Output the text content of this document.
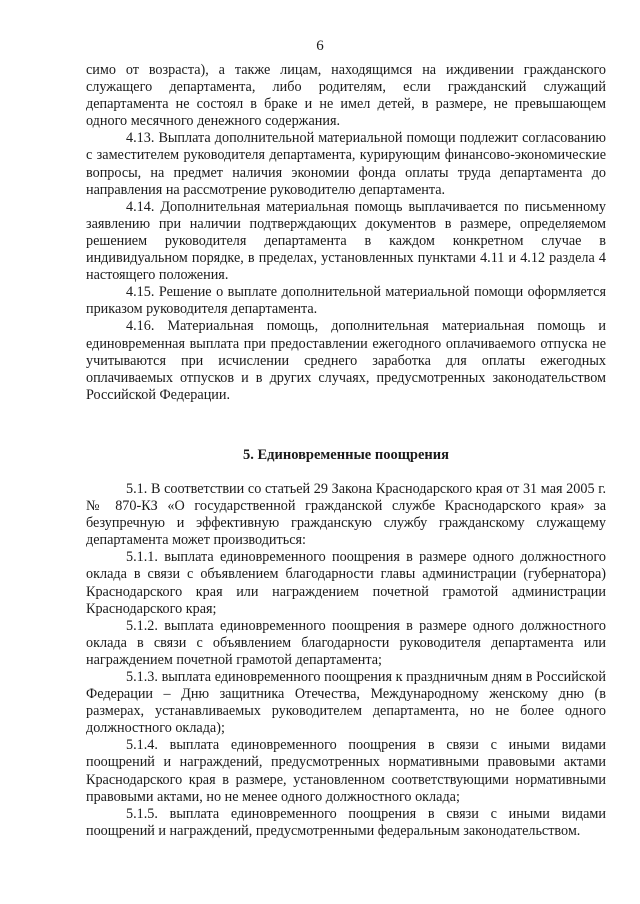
6

симо от возраста), а также лицам, находящимся на иждивении гражданского служащего департамента, либо родителям, если гражданский служащий департамента не состоял в браке и не имел детей, в размере, не превышающем одного месячного денежного содержания.

4.13. Выплата дополнительной материальной помощи подлежит согласованию с заместителем руководителя департамента, курирующим финансово-экономические вопросы, на предмет наличия экономии фонда оплаты труда департамента до направления на рассмотрение руководителю департамента.

4.14. Дополнительная материальная помощь выплачивается по письменному заявлению при наличии подтверждающих документов в размере, определяемом решением руководителя департамента в каждом конкретном случае в индивидуальном порядке, в пределах, установленных пунктами 4.11 и 4.12 раздела 4 настоящего положения.

4.15. Решение о выплате дополнительной материальной помощи оформляется приказом руководителя департамента.

4.16. Материальная помощь, дополнительная материальная помощь и единовременная выплата при предоставлении ежегодного оплачиваемого отпуска не учитываются при исчислении среднего заработка для оплаты ежегодных оплачиваемых отпусков и в других случаях, предусмотренных законодательством Российской Федерации.

5. Единовременные поощрения

5.1. В соответствии со статьей 29 Закона Краснодарского края от 31 мая 2005 г. № 870-КЗ «О государственной гражданской службе Краснодарского края» за безупречную и эффективную гражданскую службу гражданскому служащему департамента может производиться:

5.1.1. выплата единовременного поощрения в размере одного должностного оклада в связи с объявлением благодарности главы администрации (губернатора) Краснодарского края или награждением почетной грамотой администрации Краснодарского края;

5.1.2. выплата единовременного поощрения в размере одного должностного оклада в связи с объявлением благодарности руководителя департамента или награждением почетной грамотой департамента;

5.1.3. выплата единовременного поощрения к праздничным дням в Российской Федерации – Дню защитника Отечества, Международному женскому дню (в размерах, устанавливаемых руководителем департамента, но не более одного должностного оклада);

5.1.4. выплата единовременного поощрения в связи с иными видами поощрений и награждений, предусмотренных нормативными правовыми актами Краснодарского края в размере, установленном соответствующими нормативными правовыми актами, но не менее одного должностного оклада;

5.1.5. выплата единовременного поощрения в связи с иными видами поощрений и награждений, предусмотренными федеральным законодательством.
